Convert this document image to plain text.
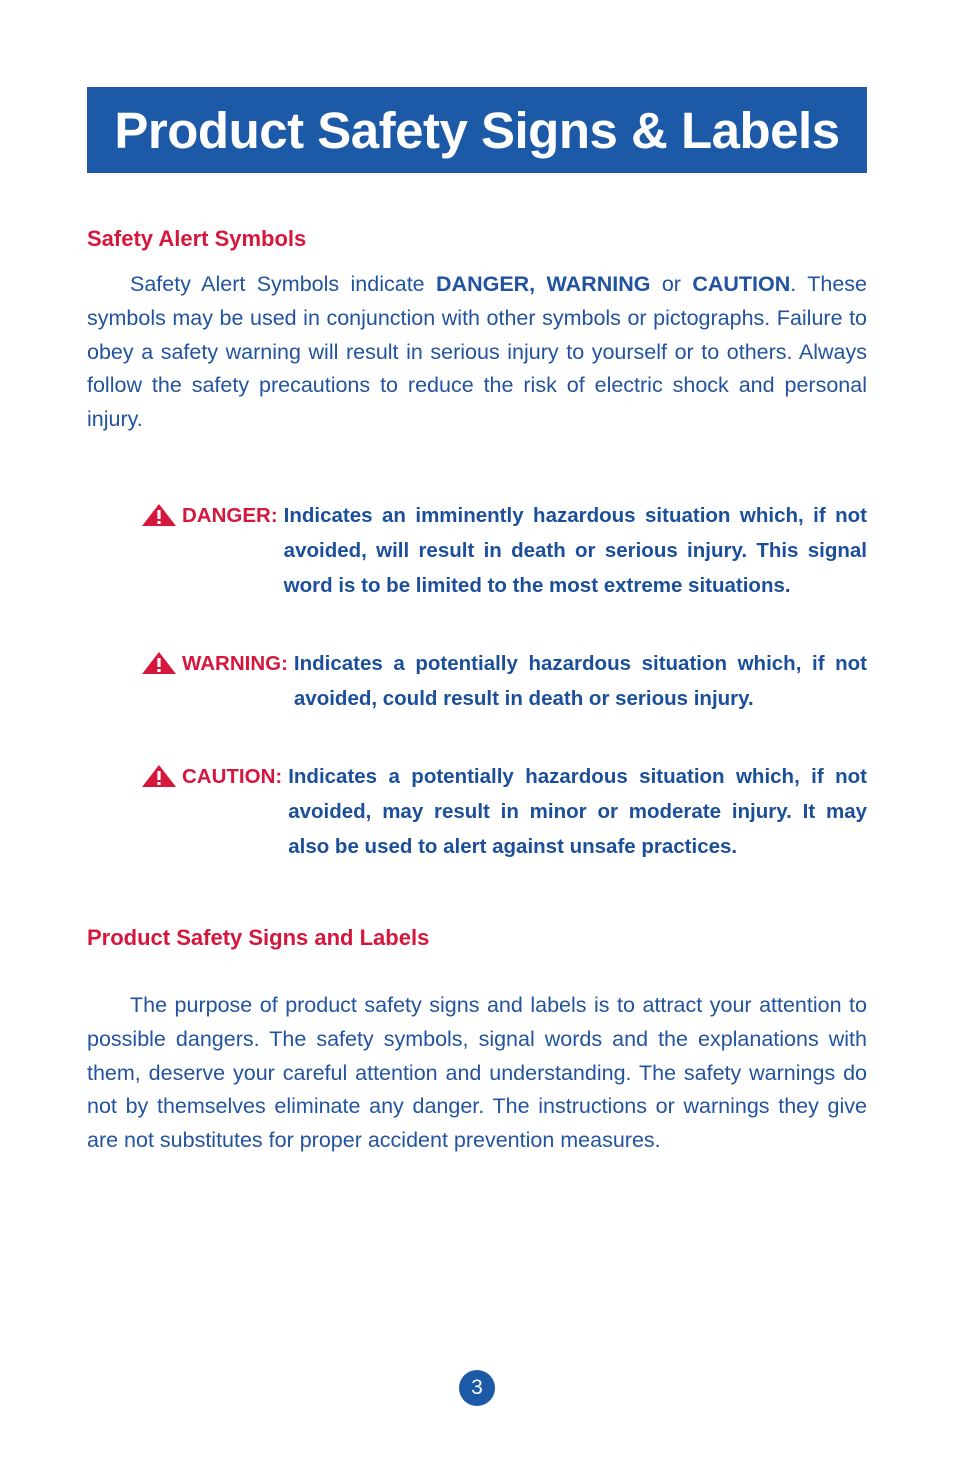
Product Safety Signs & Labels
Safety Alert Symbols

Safety Alert Symbols indicate DANGER, WARNING or CAUTION. These symbols may be used in conjunction with other symbols or pictographs. Failure to obey a safety warning will result in serious injury to yourself or to others. Always follow the safety precautions to reduce the risk of electric shock and personal injury.

DANGER: Indicates an imminently hazardous situation which, if not avoided, will result in death or serious injury. This signal word is to be limited to the most extreme situations.
WARNING: Indicates a potentially hazardous situation which, if not avoided, could result in death or serious injury.
CAUTION: Indicates a potentially hazardous situation which, if not avoided, may result in minor or moderate injury. It may also be used to alert against unsafe practices.
Product Safety Signs and Labels

The purpose of product safety signs and labels is to attract your attention to possible dangers. The safety symbols, signal words and the explanations with them, deserve your careful attention and understanding. The safety warnings do not by themselves eliminate any danger. The instructions or warnings they give are not substitutes for proper accident prevention measures.

3
